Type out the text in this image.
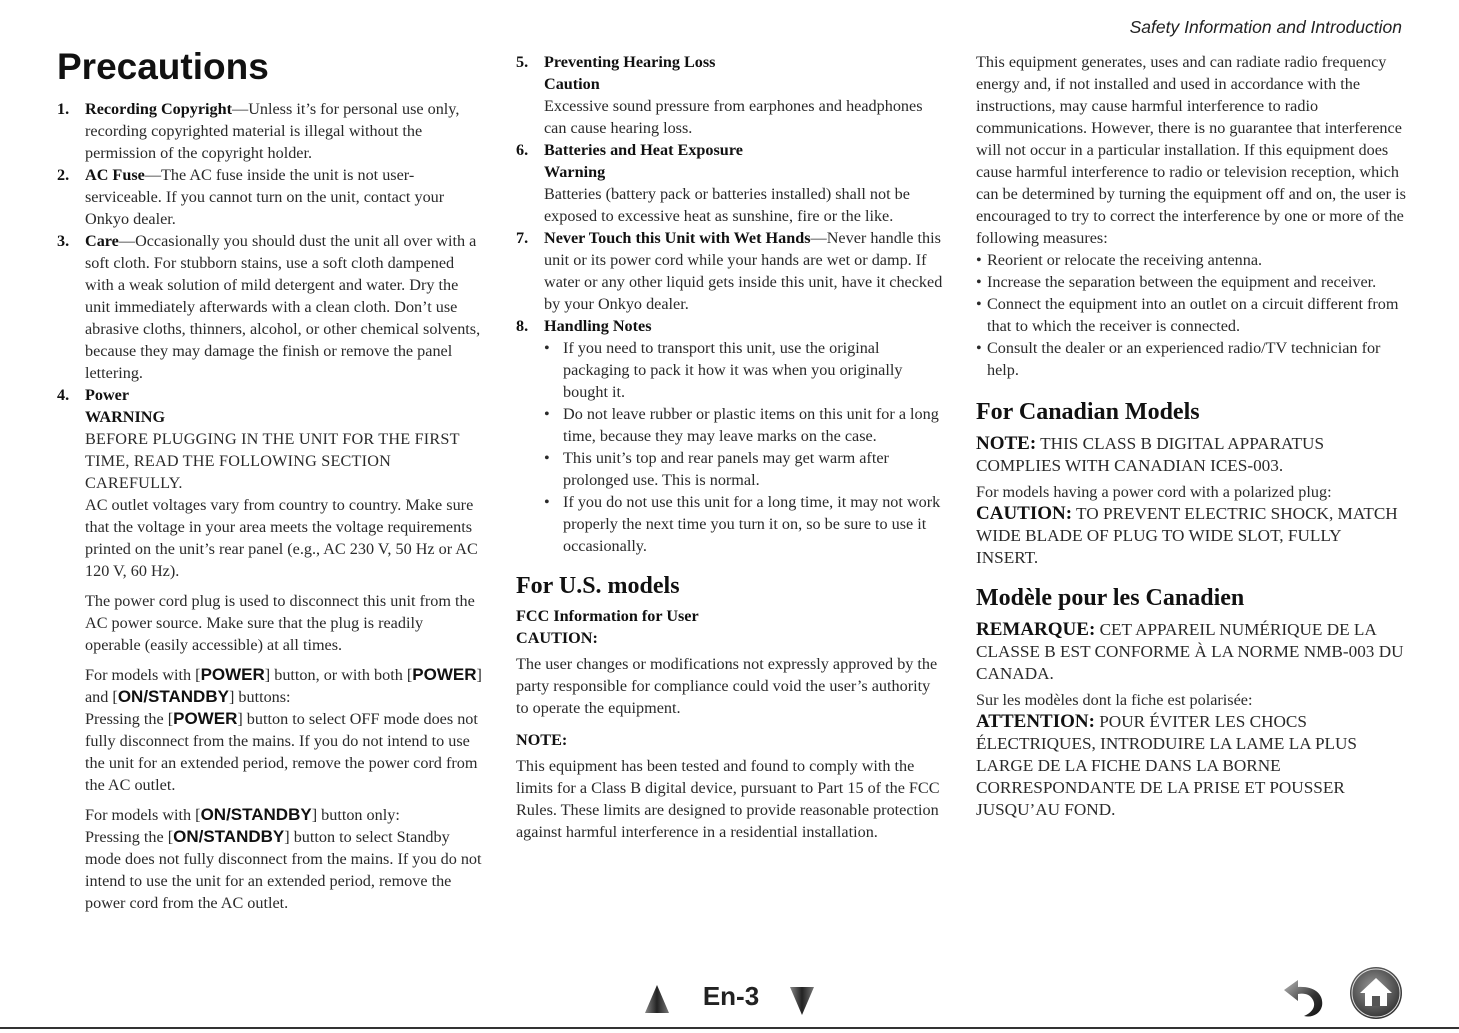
Safety Information and Introduction
Precautions
1. Recording Copyright—Unless it’s for personal use only, recording copyrighted material is illegal without the permission of the copyright holder.

2. AC Fuse—The AC fuse inside the unit is not user-serviceable. If you cannot turn on the unit, contact your Onkyo dealer.

3. Care—Occasionally you should dust the unit all over with a soft cloth. For stubborn stains, use a soft cloth dampened with a weak solution of mild detergent and water. Dry the unit immediately afterwards with a clean cloth. Don’t use abrasive cloths, thinners, alcohol, or other chemical solvents, because they may damage the finish or remove the panel lettering.

4. Power

WARNING

BEFORE PLUGGING IN THE UNIT FOR THE FIRST TIME, READ THE FOLLOWING SECTION CAREFULLY.

AC outlet voltages vary from country to country. Make sure that the voltage in your area meets the voltage requirements printed on the unit’s rear panel (e.g., AC 230 V, 50 Hz or AC 120 V, 60 Hz).

The power cord plug is used to disconnect this unit from the AC power source. Make sure that the plug is readily operable (easily accessible) at all times.

For models with [POWER] button, or with both [POWER] and [ON/STANDBY] buttons:

Pressing the [POWER] button to select OFF mode does not fully disconnect from the mains. If you do not intend to use the unit for an extended period, remove the power cord from the AC outlet.

For models with [ON/STANDBY] button only:

Pressing the [ON/STANDBY] button to select Standby mode does not fully disconnect from the mains. If you do not intend to use the unit for an extended period, remove the power cord from the AC outlet.

5. Preventing Hearing Loss

Caution

Excessive sound pressure from earphones and headphones can cause hearing loss.

6. Batteries and Heat Exposure

Warning

Batteries (battery pack or batteries installed) shall not be exposed to excessive heat as sunshine, fire or the like.

7. Never Touch this Unit with Wet Hands—Never handle this unit or its power cord while your hands are wet or damp. If water or any other liquid gets inside this unit, have it checked by your Onkyo dealer.

8. Handling Notes

• If you need to transport this unit, use the original packaging to pack it how it was when you originally bought it.
• Do not leave rubber or plastic items on this unit for a long time, because they may leave marks on the case.
• This unit’s top and rear panels may get warm after prolonged use. This is normal.
• If you do not use this unit for a long time, it may not work properly the next time you turn it on, so be sure to use it occasionally.
For U.S. models

FCC Information for User

CAUTION:

The user changes or modifications not expressly approved by the party responsible for compliance could void the user’s authority to operate the equipment.

NOTE:

This equipment has been tested and found to comply with the limits for a Class B digital device, pursuant to Part 15 of the FCC Rules. These limits are designed to provide reasonable protection against harmful interference in a residential installation.

This equipment generates, uses and can radiate radio frequency energy and, if not installed and used in accordance with the instructions, may cause harmful interference to radio communications. However, there is no guarantee that interference will not occur in a particular installation. If this equipment does cause harmful interference to radio or television reception, which can be determined by turning the equipment off and on, the user is encouraged to try to correct the interference by one or more of the following measures:

• Reorient or relocate the receiving antenna.
• Increase the separation between the equipment and receiver.
• Connect the equipment into an outlet on a circuit different from that to which the receiver is connected.
• Consult the dealer or an experienced radio/TV technician for help.
For Canadian Models

NOTE: THIS CLASS B DIGITAL APPARATUS COMPLIES WITH CANADIAN ICES-003.

For models having a power cord with a polarized plug:

CAUTION: TO PREVENT ELECTRIC SHOCK, MATCH WIDE BLADE OF PLUG TO WIDE SLOT, FULLY INSERT.

Modèle pour les Canadien

REMARQUE: CET APPAREIL NUMÉRIQUE DE LA CLASSE B EST CONFORME À LA NORME NMB-003 DU CANADA.

Sur les modèles dont la fiche est polarisée:

ATTENTION: POUR ÉVITER LES CHOCS ÉLECTRIQUES, INTRODUIRE LA LAME LA PLUS LARGE DE LA FICHE DANS LA BORNE CORRESPONDANTE DE LA PRISE ET POUSSER JUSQU’AU FOND.

En-3
